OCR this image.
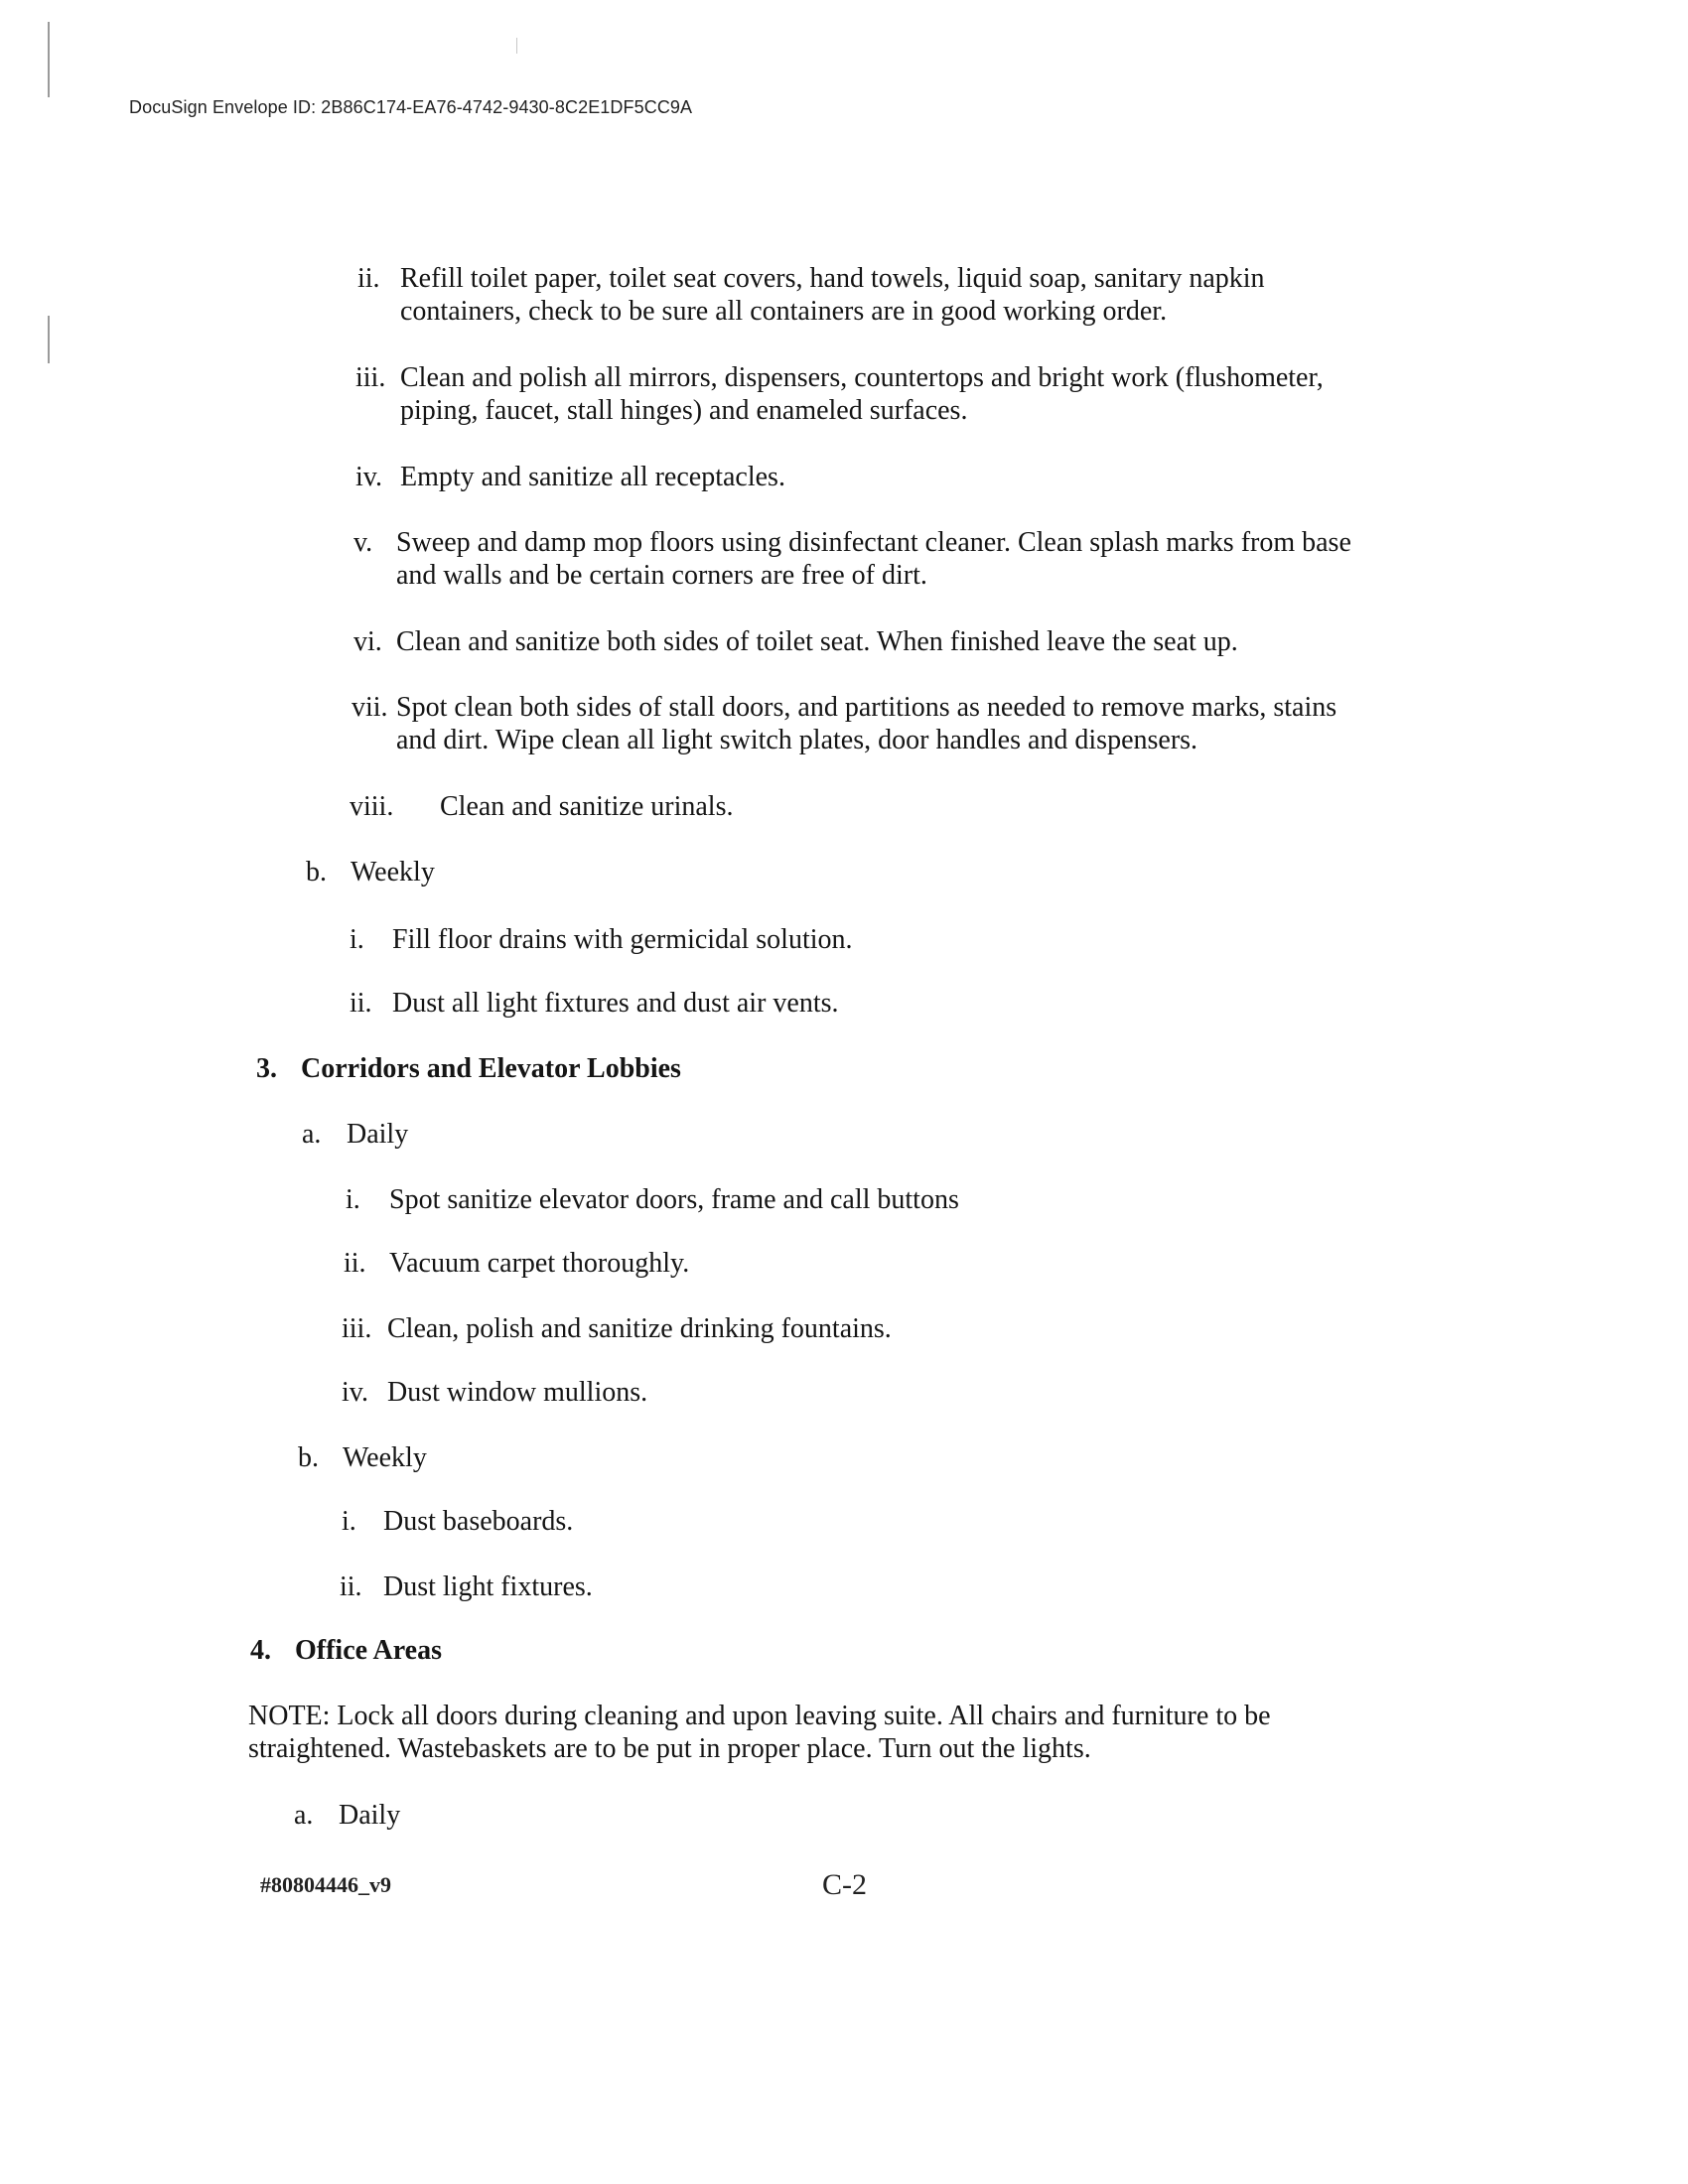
DocuSign Envelope ID: 2B86C174-EA76-4742-9430-8C2E1DF5CC9A
ii. Refill toilet paper, toilet seat covers, hand towels, liquid soap, sanitary napkin
containers, check to be sure all containers are in good working order.
iii. Clean and polish all mirrors, dispensers, countertops and bright work (flushometer,
piping, faucet, stall hinges) and enameled surfaces.
iv. Empty and sanitize all receptacles.
v. Sweep and damp mop floors using disinfectant cleaner. Clean splash marks from base
and walls and be certain corners are free of dirt.
vi. Clean and sanitize both sides of toilet seat. When finished leave the seat up.
vii. Spot clean both sides of stall doors, and partitions as needed to remove marks, stains
and dirt. Wipe clean all light switch plates, door handles and dispensers.
viii. Clean and sanitize urinals.
b. Weekly
i. Fill floor drains with germicidal solution.
ii. Dust all light fixtures and dust air vents.
3. Corridors and Elevator Lobbies
a. Daily
i. Spot sanitize elevator doors, frame and call buttons
ii. Vacuum carpet thoroughly.
iii. Clean, polish and sanitize drinking fountains.
iv. Dust window mullions.
b. Weekly
i. Dust baseboards.
ii. Dust light fixtures.
4. Office Areas
NOTE: Lock all doors during cleaning and upon leaving suite. All chairs and furniture to be
straightened. Wastebaskets are to be put in proper place. Turn out the lights.
a. Daily
#80804446_v9	C-2
